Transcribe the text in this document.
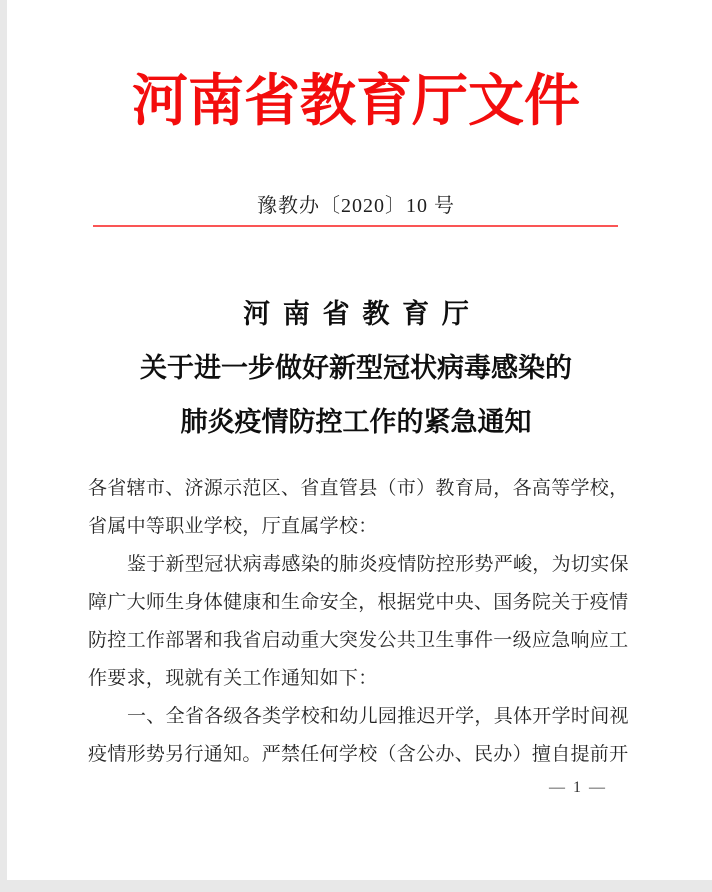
河南省教育厅文件
豫教办〔2020〕10 号
河 南 省 教 育 厅
关于进一步做好新型冠状病毒感染的
肺炎疫情防控工作的紧急通知
各省辖市、济源示范区、省直管县（市）教育局，各高等学校，
省属中等职业学校，厅直属学校：
鉴于新型冠状病毒感染的肺炎疫情防控形势严峻，为切实保
障广大师生身体健康和生命安全，根据党中央、国务院关于疫情
防控工作部署和我省启动重大突发公共卫生事件一级应急响应工
作要求，现就有关工作通知如下：
一、全省各级各类学校和幼儿园推迟开学，具体开学时间视
疫情形势另行通知。严禁任何学校（含公办、民办）擅自提前开
— 1 —
